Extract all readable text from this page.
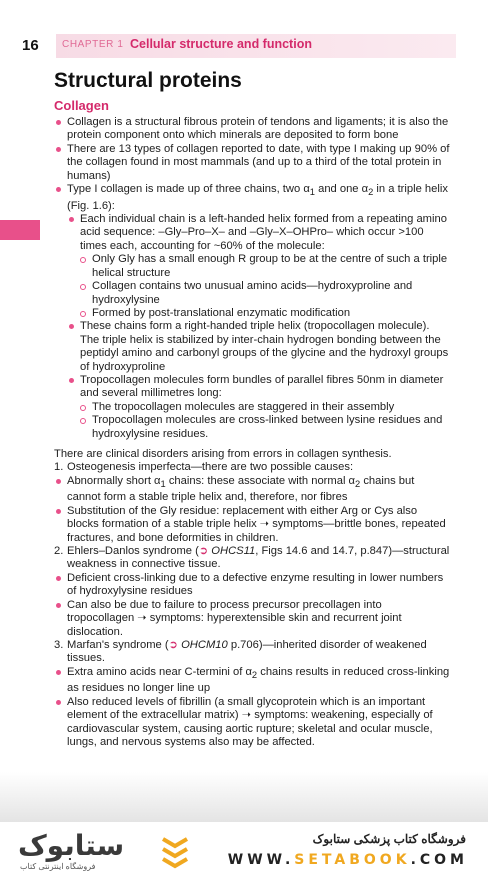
16	CHAPTER 1 Cellular structure and function
Structural proteins
Collagen
Collagen is a structural fibrous protein of tendons and ligaments; it is also the protein component onto which minerals are deposited to form bone
There are 13 types of collagen reported to date, with type I making up 90% of the collagen found in most mammals (and up to a third of the total protein in humans)
Type I collagen is made up of three chains, two $\alpha_1$ and one $\alpha_2$ in a triple helix (Fig. 1.6):
Each individual chain is a left-handed helix formed from a repeating amino acid sequence: –Gly–Pro–X– and –Gly–X–OHPro– which occur >100 times each, accounting for ~60% of the molecule:
Only Gly has a small enough R group to be at the centre of such a triple helical structure
Collagen contains two unusual amino acids—hydroxyproline and hydroxylysine
Formed by post-translational enzymatic modification
These chains form a right-handed triple helix (tropocollagen molecule). The triple helix is stabilized by inter-chain hydrogen bonding between the peptidyl amino and carbonyl groups of the glycine and the hydroxyl groups of hydroxyproline
Tropocollagen molecules form bundles of parallel fibres 50nm in diameter and several millimetres long:
The tropocollagen molecules are staggered in their assembly
Tropocollagen molecules are cross-linked between lysine residues and hydroxylysine residues.

There are clinical disorders arising from errors in collagen synthesis.

1. Osteogenesis imperfecta—there are two possible causes:
Abnormally short $\alpha_1$ chains: these associate with normal $\alpha_2$ chains but cannot form a stable triple helix and, therefore, nor fibres
Substitution of the Gly residue: replacement with either Arg or Cys also blocks formation of a stable triple helix ➝ symptoms—brittle bones, repeated fractures, and bone deformities in children.
2. Ehlers–Danlos syndrome (➲ OHCS11, Figs 14.6 and 14.7, p.847)—structural weakness in connective tissue.
Deficient cross-linking due to a defective enzyme resulting in lower numbers of hydroxylysine residues
Can also be due to failure to process precursor precollagen into tropocollagen ➝ symptoms: hyperextensible skin and recurrent joint dislocation.
3. Marfan's syndrome (➲ OHCM10 p.706)—inherited disorder of weakened tissues.
Extra amino acids near C-termini of $\alpha_2$ chains results in reduced cross-linking as residues no longer line up
Also reduced levels of fibrillin (a small glycoprotein which is an important element of the extracellular matrix) ➝ symptoms: weakening, especially of cardiovascular system, causing aortic rupture; skeletal and ocular muscle, lungs, and nervous systems also may be affected.
ستابوک
فروشگاه اینترنتی کتاب
فروشگاه کتاب پزشکی ستابوک
WWW.SETABOOK.COM
